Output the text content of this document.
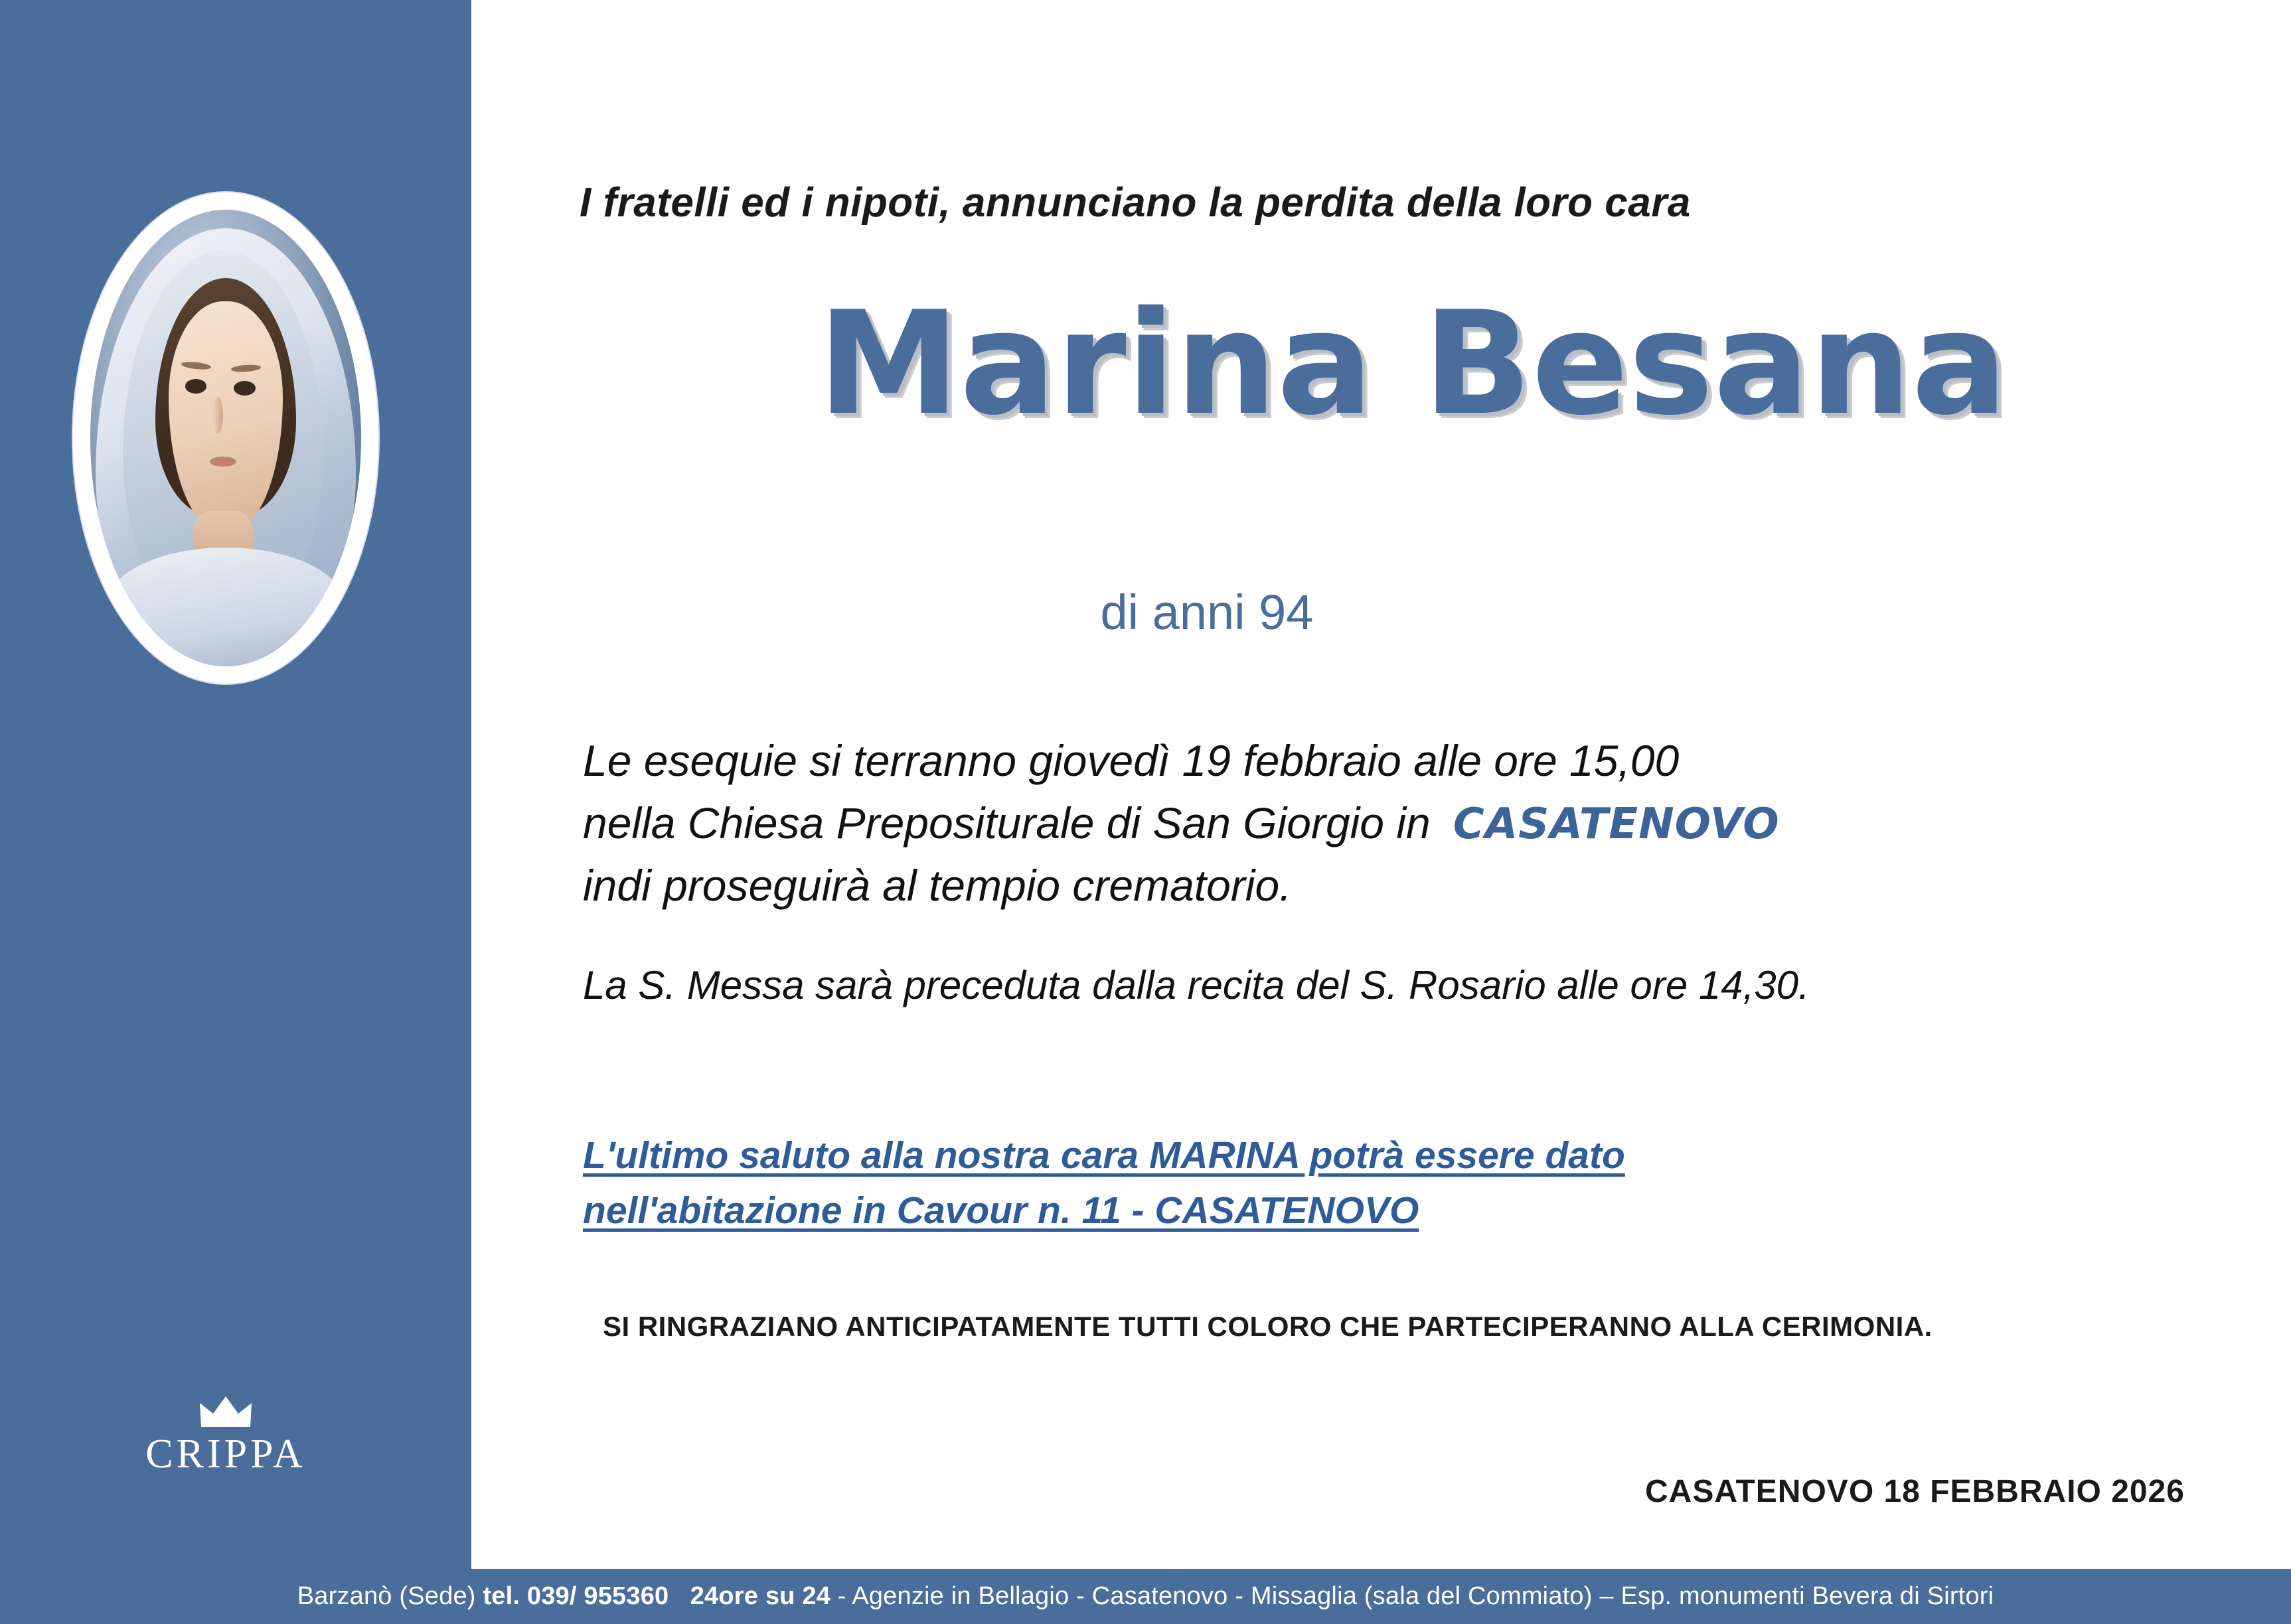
CRIPPA
I fratelli ed i nipoti, annunciano la perdita della loro cara
Marina Besana
di anni 94
Le esequie si terranno giovedì 19 febbraio alle ore 15,00
nella Chiesa Prepositurale di San Giorgio in CASATENOVO
indi proseguirà al tempio crematorio.
La S. Messa sarà preceduta dalla recita del S. Rosario alle ore 14,30.
L'ultimo saluto alla nostra cara MARINA potrà essere dato
nell'abitazione in Cavour n. 11 - CASATENOVO
SI RINGRAZIANO ANTICIPATAMENTE TUTTI COLORO CHE PARTECIPERANNO ALLA CERIMONIA.
CASATENOVO 18 FEBBRAIO 2026
Barzanò (Sede)
tel. 039/ 955360
24ore su 24
- Agenzie in Bellagio - Casatenovo - Missaglia (sala del Commiato) – Esp. monumenti Bevera di Sirtori
